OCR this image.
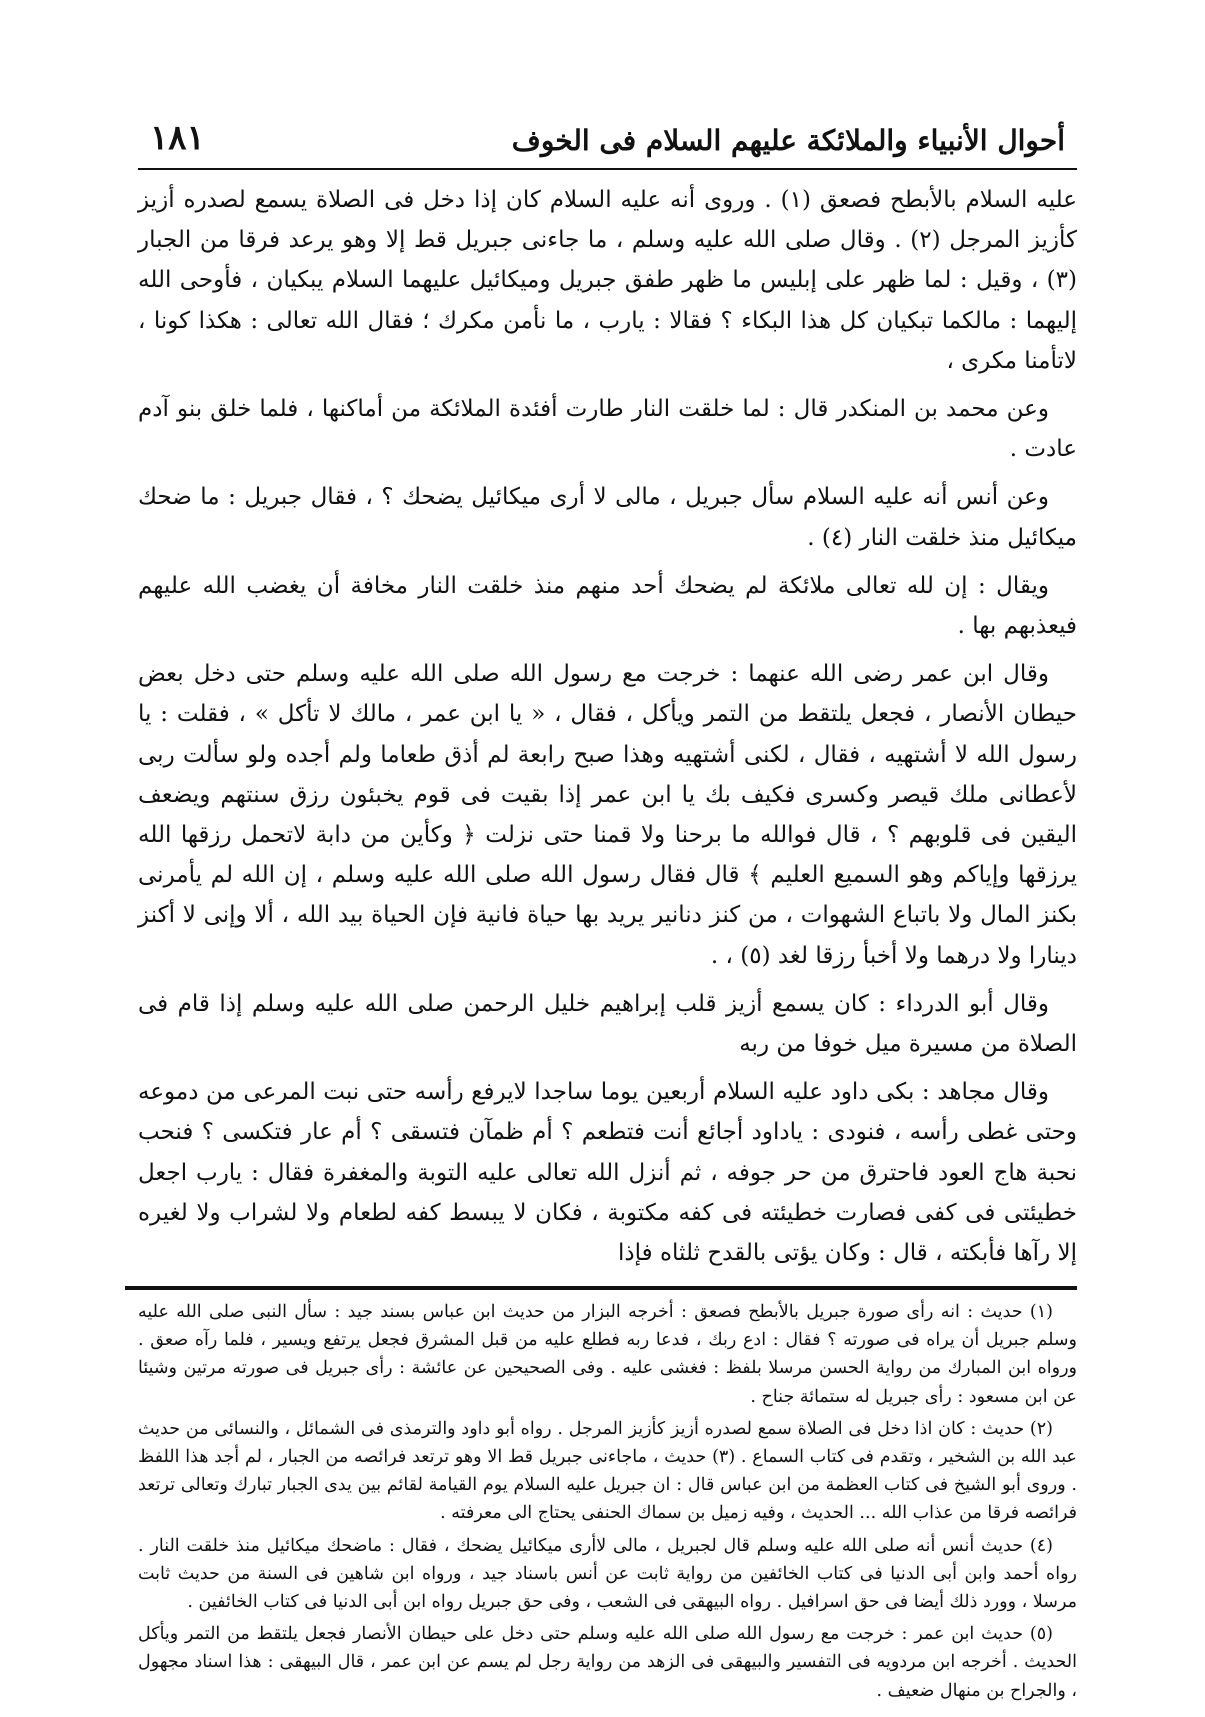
أحوال الأنبياء والملائكة عليهم السلام فى الخوف
١٨١

عليه السلام بالأبطح فصعق (١) . وروى أنه عليه السلام كان إذا دخل فى الصلاة يسمع لصدره أزيز كأزيز المرجل (٢) . وقال صلى الله عليه وسلم ، ما جاءنى جبريل قط إلا وهو يرعد فرقا من الجبار (٣) ، وقيل : لما ظهر على إبليس ما ظهر طفق جبريل وميكائيل عليهما السلام يبكيان ، فأوحى الله إليهما : مالكما تبكيان كل هذا البكاء ؟ فقالا : يارب ، ما نأمن مكرك ؛ فقال الله تعالى : هكذا كونا ، لاتأمنا مكرى ،

وعن محمد بن المنكدر قال : لما خلقت النار طارت أفئدة الملائكة من أماكنها ، فلما خلق بنو آدم عادت .

وعن أنس أنه عليه السلام سأل جبريل ، مالى لا أرى ميكائيل يضحك ؟ ، فقال جبريل : ما ضحك ميكائيل منذ خلقت النار (٤) .

ويقال : إن لله تعالى ملائكة لم يضحك أحد منهم منذ خلقت النار مخافة أن يغضب الله عليهم فيعذبهم بها .

وقال ابن عمر رضى الله عنهما : خرجت مع رسول الله صلى الله عليه وسلم حتى دخل بعض حيطان الأنصار ، فجعل يلتقط من التمر ويأكل ، فقال ، « يا ابن عمر ، مالك لا تأكل » ، فقلت : يا رسول الله لا أشتهيه ، فقال ، لكنى أشتهيه وهذا صبح رابعة لم أذق طعاما ولم أجده ولو سألت ربى لأعطانى ملك قيصر وكسرى فكيف بك يا ابن عمر إذا بقيت فى قوم يخبئون رزق سنتهم ويضعف اليقين فى قلوبهم ؟ ، قال فوالله ما برحنا ولا قمنا حتى نزلت ﴿ وكأين من دابة لاتحمل رزقها الله يرزقها وإياكم وهو السميع العليم ﴾ قال فقال رسول الله صلى الله عليه وسلم ، إن الله لم يأمرنى بكنز المال ولا باتباع الشهوات ، من كنز دنانير يريد بها حياة فانية فإن الحياة بيد الله ، ألا وإنى لا أكنز دينارا ولا درهما ولا أخبأ رزقا لغد (٥) ، .

وقال أبو الدرداء : كان يسمع أزيز قلب إبراهيم خليل الرحمن صلى الله عليه وسلم إذا قام فى الصلاة من مسيرة ميل خوفا من ربه

وقال مجاهد : بكى داود عليه السلام أربعين يوما ساجدا لايرفع رأسه حتى نبت المرعى من دموعه وحتى غطى رأسه ، فنودى : ياداود أجائع أنت فتطعم ؟ أم ظمآن فتسقى ؟ أم عار فتكسى ؟ فنحب نحبة هاج العود فاحترق من حر جوفه ، ثم أنزل الله تعالى عليه التوبة والمغفرة فقال : يارب اجعل خطيئتى فى كفى فصارت خطيئته فى كفه مكتوبة ، فكان لا يبسط كفه لطعام ولا لشراب ولا لغيره إلا رآها فأبكته ، قال : وكان يؤتى بالقدح ثلثاه فإذا

(١) حديث : انه رأى صورة جبريل بالأبطح فصعق : أخرجه البزار من حديث ابن عباس بسند جيد : سأل النبى صلى الله عليه وسلم جبريل أن يراه فى صورته ؟ فقال : ادع ربك ، فدعا ربه فطلع عليه من قبل المشرق فجعل يرتفع ويسير ، فلما رآه صعق . ورواه ابن المبارك من رواية الحسن مرسلا بلفظ : فغشى عليه . وفى الصحيحين عن عائشة : رأى جبريل فى صورته مرتين وشيئا عن ابن مسعود : رأى جبريل له ستمائة جناح .

(٢) حديث : كان اذا دخل فى الصلاة سمع لصدره أزيز كأزيز المرجل . رواه أبو داود والترمذى فى الشمائل ، والنسائى من حديث عبد الله بن الشخير ، وتقدم فى كتاب السماع . (٣) حديث ، ماجاءنى جبريل قط الا وهو ترتعد فرائصه من الجبار ، لم أجد هذا اللفظ . وروى أبو الشيخ فى كتاب العظمة من ابن عباس قال : ان جبريل عليه السلام يوم القيامة لقائم بين يدى الجبار تبارك وتعالى ترتعد فرائصه فرقا من عذاب الله ... الحديث ، وفيه زميل بن سماك الحنفى يحتاج الى معرفته .

(٤) حديث أنس أنه صلى الله عليه وسلم قال لجبريل ، مالى لاأرى ميكائيل يضحك ، فقال : ماضحك ميكائيل منذ خلقت النار . رواه أحمد وابن أبى الدنيا فى كتاب الخائفين من رواية ثابت عن أنس باسناد جيد ، ورواه ابن شاهين فى السنة من حديث ثابت مرسلا ، وورد ذلك أيضا فى حق اسرافيل . رواه البيهقى فى الشعب ، وفى حق جبريل رواه ابن أبى الدنيا فى كتاب الخائفين .

(٥) حديث ابن عمر : خرجت مع رسول الله صلى الله عليه وسلم حتى دخل على حيطان الأنصار فجعل يلتقط من التمر ويأكل الحديث . أخرجه ابن مردويه فى التفسير والبيهقى فى الزهد من رواية رجل لم يسم عن ابن عمر ، قال البيهقى : هذا اسناد مجهول ، والجراح بن منهال ضعيف .
